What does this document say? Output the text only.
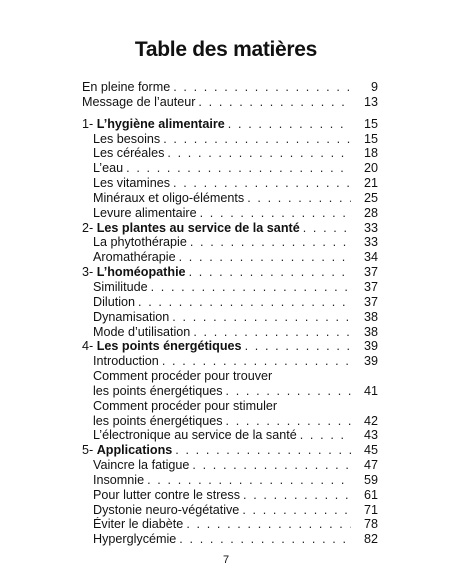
Table des matières
En pleine forme . . .	9
Message de l’auteur . . .	13
1- L’hygiène alimentaire . . .	15
Les besoins . . .	15
Les céréales . . .	18
L’eau . . .	20
Les vitamines . . .	21
Minéraux et oligo-éléments . . .	25
Levure alimentaire . . .	28
2- Les plantes au service de la santé . . .	33
La phytothérapie . . .	33
Aromathérapie . . .	34
3- L’homéopathie . . .	37
Similitude . . .	37
Dilution . . .	37
Dynamisation . . .	38
Mode d’utilisation . . .	38
4- Les points énergétiques . . .	39
Introduction . . .	39
Comment procéder pour trouver
les points énergétiques . . .	41
Comment procéder pour stimuler
les points énergétiques . . .	42
L’électronique au service de la santé . . .	43
5- Applications . . .	45
Vaincre la fatigue . . .	47
Insomnie . . .	59
Pour lutter contre le stress . . .	61
Dystonie neuro-végétative . . .	71
Éviter le diabète . . .	78
Hyperglycémie . . .	82
7
